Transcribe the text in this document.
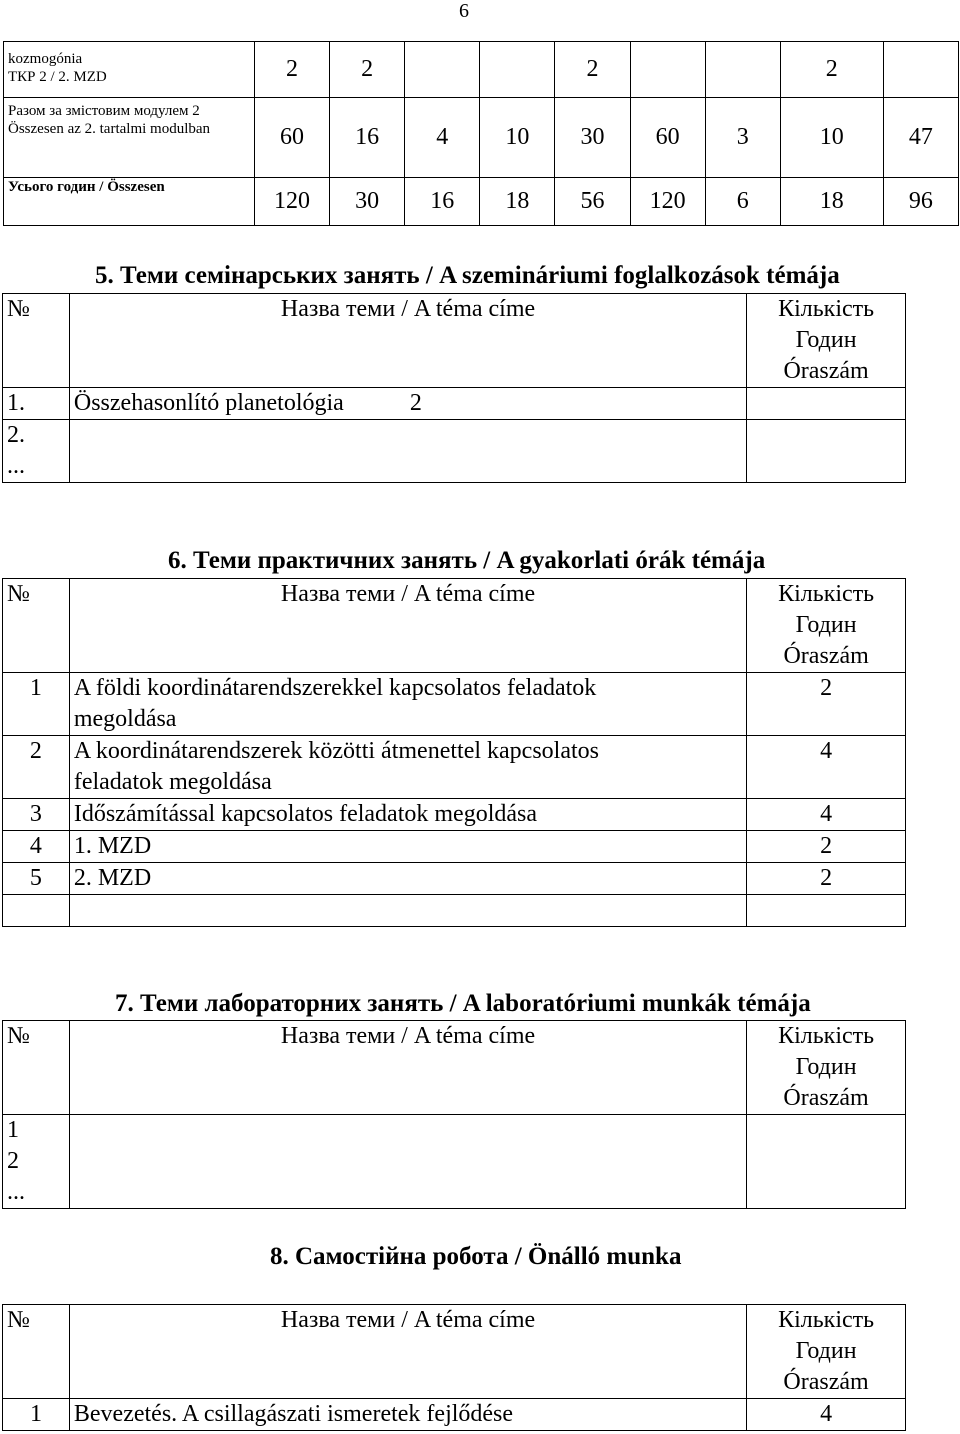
6
kozmogónia
ТКР 2 / 2. MZD	2	2			2			2	
Разом за змістовим модулем 2 Összesen az 2. tartalmi modulban	60	16	4	10	30	60	3	10	47
Усього годин / Összesen	120	30	16	18	56	120	6	18	96
5. Теми семінарських занять / A szemináriumi foglalkozások témája
№	Назва теми / A téma címe	Кількість
Годин
Óraszám

1.	Összehasonlító planetológia 2	

2.
...		

6. Теми практичних занять / A gyakorlati órák témája
№	Назва теми / A téma címe	Кількість
Годин
Óraszám

1	A földi koordinátarendszerekkel kapcsolatos feladatok megoldása	2
2	A koordinátarendszerek közötti átmenettel kapcsolatos feladatok megoldása	4
3	Időszámítással kapcsolatos feladatok megoldása	4
4	1. MZD	2
5	2. MZD	2

7. Теми лабораторних занять / A laboratóriumi munkák témája
№	Назва теми / A téma címe	Кількість
Годин
Óraszám

1
2
...		

8. Самостійна робота / Önálló munka
№	Назва теми / A téma címe	Кількість
Годин
Óraszám

1	Bevezetés. A csillagászati ismeretek fejlődése	4
